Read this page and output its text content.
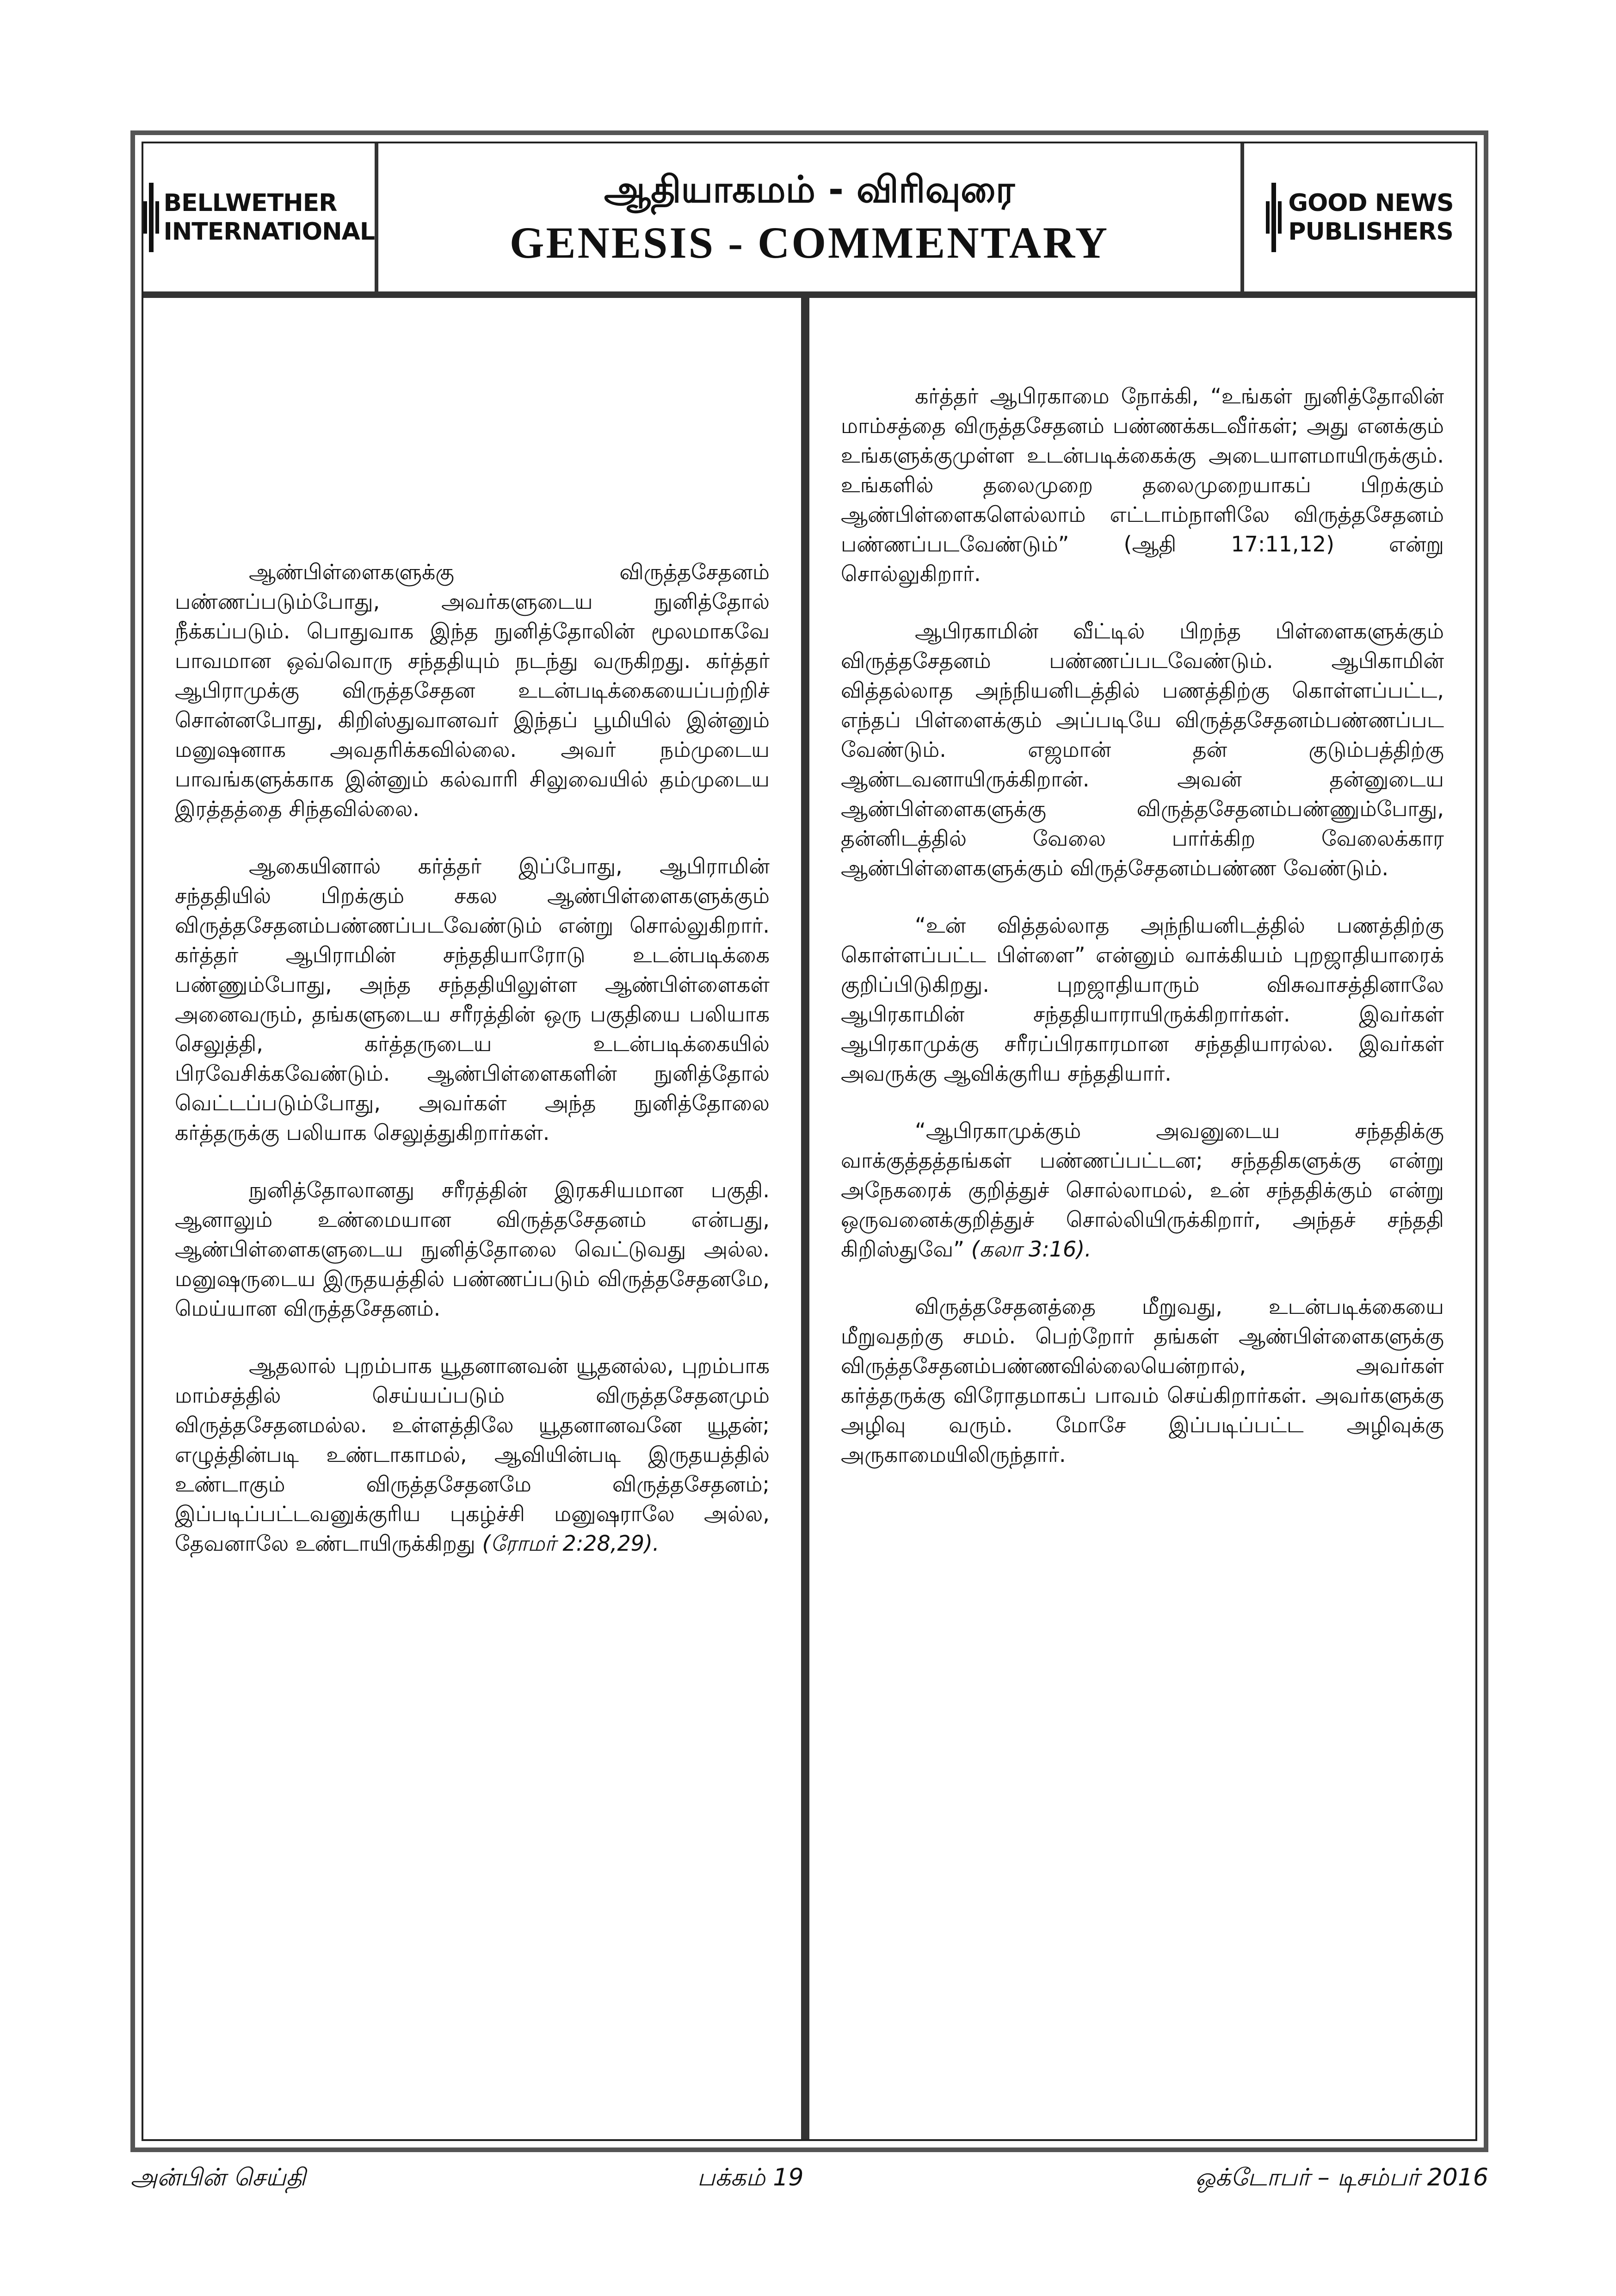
BELLWETHER
INTERNATIONAL
ஆதியாகமம் - விரிவுரை
GENESIS - COMMENTARY
GOOD NEWS
PUBLISHERS

ஆண்பிள்ளைகளுக்கு விருத்தசேதனம் பண்ணப்படும்போது, அவர்களுடைய நுனித்தோல் நீக்கப்படும். பொதுவாக இந்த நுனித்தோலின் மூலமாகவே பாவமான ஒவ்வொரு சந்ததியும் நடந்து வருகிறது. கர்த்தர் ஆபிராமுக்கு விருத்தசேதன உடன்படிக்கையைப்பற்றிச் சொன்னபோது, கிறிஸ்துவானவர் இந்தப் பூமியில் இன்னும் மனுஷனாக அவதரிக்கவில்லை. அவர் நம்முடைய பாவங்களுக்காக இன்னும் கல்வாரி சிலுவையில் தம்முடைய இரத்தத்தை சிந்தவில்லை.

ஆகையினால் கர்த்தர் இப்போது, ஆபிராமின் சந்ததியில் பிறக்கும் சகல ஆண்பிள்ளைகளுக்கும் விருத்தசேதனம்பண்ணப்படவேண்டும் என்று சொல்லுகிறார். கர்த்தர் ஆபிராமின் சந்ததியாரோடு உடன்படிக்கை பண்ணும்போது, அந்த சந்ததியிலுள்ள ஆண்பிள்ளைகள் அனைவரும், தங்களுடைய சரீரத்தின் ஒரு பகுதியை பலியாக செலுத்தி, கர்த்தருடைய உடன்படிக்கையில் பிரவேசிக்கவேண்டும். ஆண்பிள்ளைகளின் நுனித்தோல் வெட்டப்படும்போது, அவர்கள் அந்த நுனித்தோலை கர்த்தருக்கு பலியாக செலுத்துகிறார்கள்.

நுனித்தோலானது சரீரத்தின் இரகசியமான பகுதி. ஆனாலும் உண்மையான விருத்தசேதனம் என்பது, ஆண்பிள்ளைகளுடைய நுனித்தோலை வெட்டுவது அல்ல. மனுஷருடைய இருதயத்தில் பண்ணப்படும் விருத்தசேதனமே, மெய்யான விருத்தசேதனம்.

ஆதலால் புறம்பாக யூதனானவன் யூதனல்ல, புறம்பாக மாம்சத்தில் செய்யப்படும் விருத்தசேதனமும் விருத்தசேதனமல்ல. உள்ளத்திலே யூதனானவனே யூதன்; எழுத்தின்படி உண்டாகாமல், ஆவியின்படி இருதயத்தில் உண்டாகும் விருத்தசேதனமே விருத்தசேதனம்; இப்படிப்பட்டவனுக்குரிய புகழ்ச்சி மனுஷராலே அல்ல, தேவனாலே உண்டாயிருக்கிறது (ரோமர் 2:28,29).

கர்த்தர் ஆபிரகாமை நோக்கி, “உங்கள் நுனித்தோலின் மாம்சத்தை விருத்தசேதனம் பண்ணக்கடவீர்கள்; அது எனக்கும் உங்களுக்குமுள்ள உடன்படிக்கைக்கு அடையாளமாயிருக்கும். உங்களில் தலைமுறை தலைமுறையாகப் பிறக்கும் ஆண்பிள்ளைகளெல்லாம் எட்டாம்நாளிலே விருத்தசேதனம் பண்ணப்படவேண்டும்” (ஆதி 17:11,12) என்று சொல்லுகிறார்.

ஆபிரகாமின் வீட்டில் பிறந்த பிள்ளைகளுக்கும் விருத்தசேதனம் பண்ணப்படவேண்டும். ஆபிகாமின் வித்தல்லாத அந்நியனிடத்தில் பணத்திற்கு கொள்ளப்பட்ட, எந்தப் பிள்ளைக்கும் அப்படியே விருத்தசேதனம்பண்ணப்பட வேண்டும். எஜமான் தன் குடும்பத்திற்கு ஆண்டவனாயிருக்கிறான். அவன் தன்னுடைய ஆண்பிள்ளைகளுக்கு விருத்தசேதனம்பண்ணும்போது, தன்னிடத்தில் வேலை பார்க்கிற வேலைக்கார ஆண்பிள்ளைகளுக்கும் விருத்சேதனம்பண்ண வேண்டும்.

“உன் வித்தல்லாத அந்நியனிடத்தில் பணத்திற்கு கொள்ளப்பட்ட பிள்ளை” என்னும் வாக்கியம் புறஜாதியாரைக் குறிப்பிடுகிறது. புறஜாதியாரும் விசுவாசத்தினாலே ஆபிரகாமின் சந்ததியாராயிருக்கிறார்கள். இவர்கள் ஆபிரகாமுக்கு சரீரப்பிரகாரமான சந்ததியாரல்ல. இவர்கள் அவருக்கு ஆவிக்குரிய சந்ததியார்.

“ஆபிரகாமுக்கும் அவனுடைய சந்ததிக்கு வாக்குத்தத்தங்கள் பண்ணப்பட்டன; சந்ததிகளுக்கு என்று அநேகரைக் குறித்துச் சொல்லாமல், உன் சந்ததிக்கும் என்று ஒருவனைக்குறித்துச் சொல்லியிருக்கிறார், அந்தச் சந்ததி கிறிஸ்துவே” (கலா 3:16).

விருத்தசேதனத்தை மீறுவது, உடன்படிக்கையை மீறுவதற்கு சமம். பெற்றோர் தங்கள் ஆண்பிள்ளைகளுக்கு விருத்தசேதனம்பண்ணவில்லையென்றால், அவர்கள் கர்த்தருக்கு விரோதமாகப் பாவம் செய்கிறார்கள். அவர்களுக்கு அழிவு வரும். மோசே இப்படிப்பட்ட அழிவுக்கு அருகாமையிலிருந்தார்.

அன்பின் செய்தி	பக்கம் 19	ஒக்டோபர் – டிசம்பர் 2016
